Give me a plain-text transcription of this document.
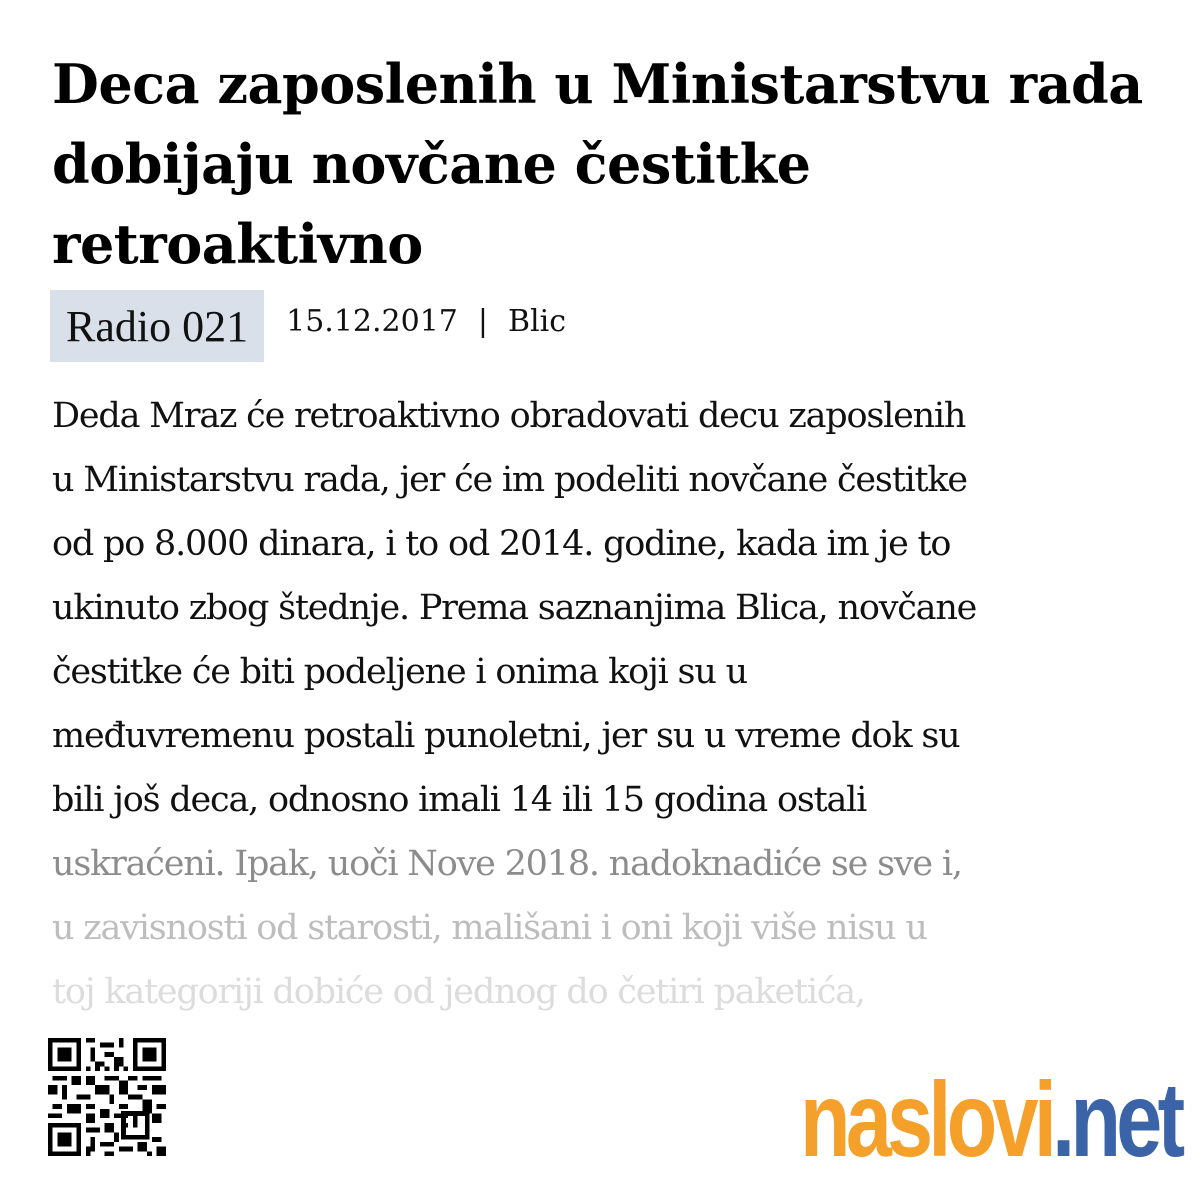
Deca zaposlenih u Ministarstvu rada dobijaju novčane čestitke retroaktivno
Radio 021	15.12.2017 | Blic
Deda Mraz će retroaktivno obradovati decu zaposlenih
u Ministarstvu rada, jer će im podeliti novčane čestitke
od po 8.000 dinara, i to od 2014. godine, kada im je to
ukinuto zbog štednje. Prema saznanjima Blica, novčane
čestitke će biti podeljene i onima koji su u
međuvremenu postali punoletni, jer su u vreme dok su
bili još deca, odnosno imali 14 ili 15 godina ostali
uskraćeni. Ipak, uoči Nove 2018. nadoknadiće se sve i,
u zavisnosti od starosti, mališani i oni koji više nisu u
toj kategoriji dobiće od jednog do četiri paketića,
naslovi .net
